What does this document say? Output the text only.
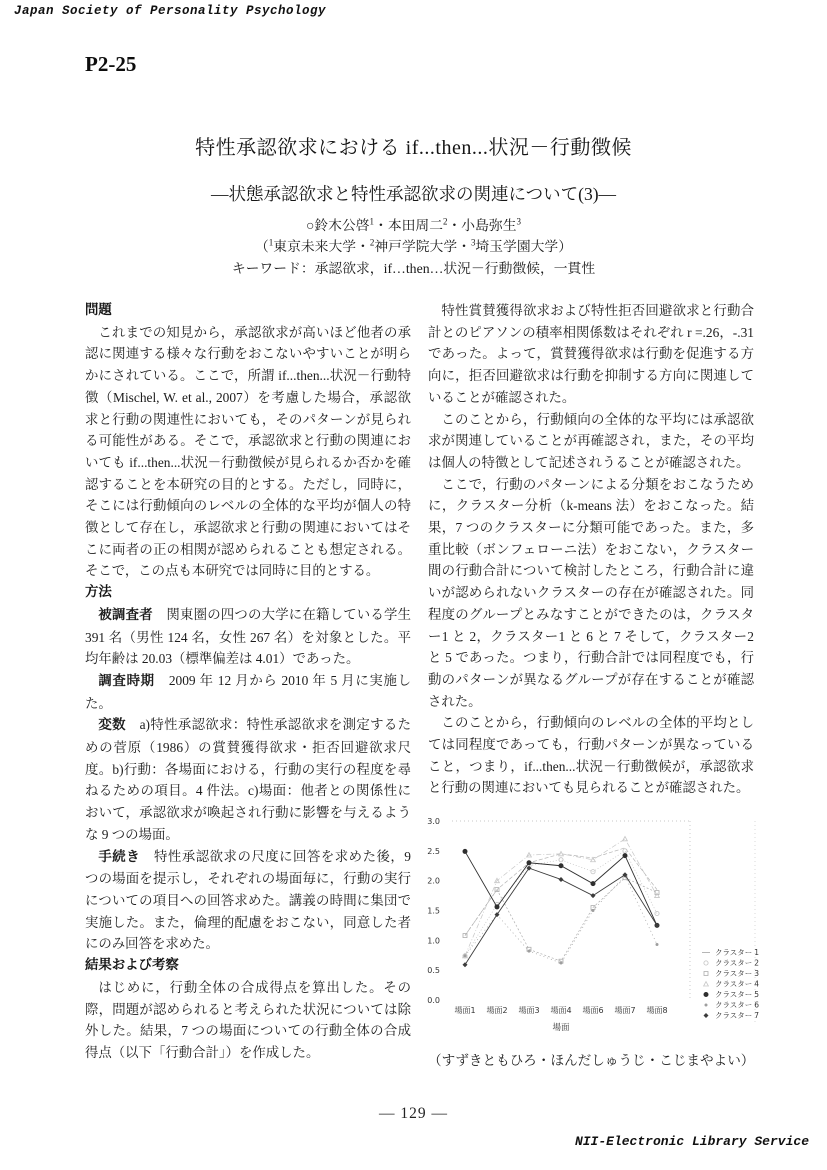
Japan Society of Personality Psychology
P2-25
特性承認欲求における if...then...状況－行動徴候
―状態承認欲求と特性承認欲求の関連について(3)―
○鈴木公啓$^1$・本田周二$^2$・小島弥生$^3$
（$^1$東京未来大学・$^2$神戸学院大学・$^3$埼玉学園大学）
キーワード：承認欲求，if…then…状況－行動徴候，一貫性
問題

これまでの知見から，承認欲求が高いほど他者の承認に関連する様々な行動をおこないやすいことが明らかにされている。ここで，所謂 if...then...状況－行動特徴（Mischel, W. et al., 2007）を考慮した場合，承認欲求と行動の関連性においても，そのパターンが見られる可能性がある。そこで，承認欲求と行動の関連においても if...then...状況－行動徴候が見られるか否かを確認することを本研究の目的とする。ただし，同時に，そこには行動傾向のレベルの全体的な平均が個人の特徴として存在し，承認欲求と行動の関連においてはそこに両者の正の相関が認められることも想定される。そこで，この点も本研究では同時に目的とする。

方法

被調査者　関東圏の四つの大学に在籍している学生391 名（男性 124 名，女性 267 名）を対象とした。平均年齢は 20.03（標準偏差は 4.01）であった。

調査時期　2009 年 12 月から 2010 年 5 月に実施した。

変数　a)特性承認欲求：特性承認欲求を測定するための菅原（1986）の賞賛獲得欲求・拒否回避欲求尺度。b)行動：各場面における，行動の実行の程度を尋ねるための項目。4 件法。c)場面：他者との関係性において，承認欲求が喚起され行動に影響を与えるような 9 つの場面。

手続き　特性承認欲求の尺度に回答を求めた後，9 つの場面を提示し，それぞれの場面毎に，行動の実行についての項目への回答求めた。講義の時間に集団で実施した。また，倫理的配慮をおこない，同意した者にのみ回答を求めた。

結果および考察

はじめに，行動全体の合成得点を算出した。その際，問題が認められると考えられた状況については除外した。結果，7 つの場面についての行動全体の合成得点（以下「行動合計」）を作成した。

特性賞賛獲得欲求および特性拒否回避欲求と行動合計とのピアソンの積率相関係数はそれぞれ r =.26，-.31 であった。よって，賞賛獲得欲求は行動を促進する方向に，拒否回避欲求は行動を抑制する方向に関連していることが確認された。

このことから，行動傾向の全体的な平均には承認欲求が関連していることが再確認され，また，その平均は個人の特徴として記述されうることが確認された。

ここで，行動のパターンによる分類をおこなうために，クラスター分析（k-means 法）をおこなった。結果，7 つのクラスターに分類可能であった。また，多重比較（ボンフェローニ法）をおこない，クラスター間の行動合計について検討したところ，行動合計に違いが認められないクラスターの存在が確認された。同程度のグループとみなすことができたのは，クラスター1 と 2，クラスター1 と 6 と 7 そして，クラスター2 と 5 であった。つまり，行動合計では同程度でも，行動のパターンが異なるグループが存在することが確認された。

このことから，行動傾向のレベルの全体的平均としては同程度であっても，行動パターンが異なっていること，つまり，if...then...状況－行動徴候が，承認欲求と行動の関連においても見られることが確認された。

0.0
0.5
1.0
1.5
2.0
2.5
3.0
場面1 場面2 場面3 場面4 場面6 場面7 場面8
場面
クラスター 1
クラスター 2
クラスター 3
クラスター 4
クラスター 5
クラスター 6
クラスター 7

（すずきともひろ・ほんだしゅうじ・こじまやよい）

— 129 —
NII-Electronic Library Service
